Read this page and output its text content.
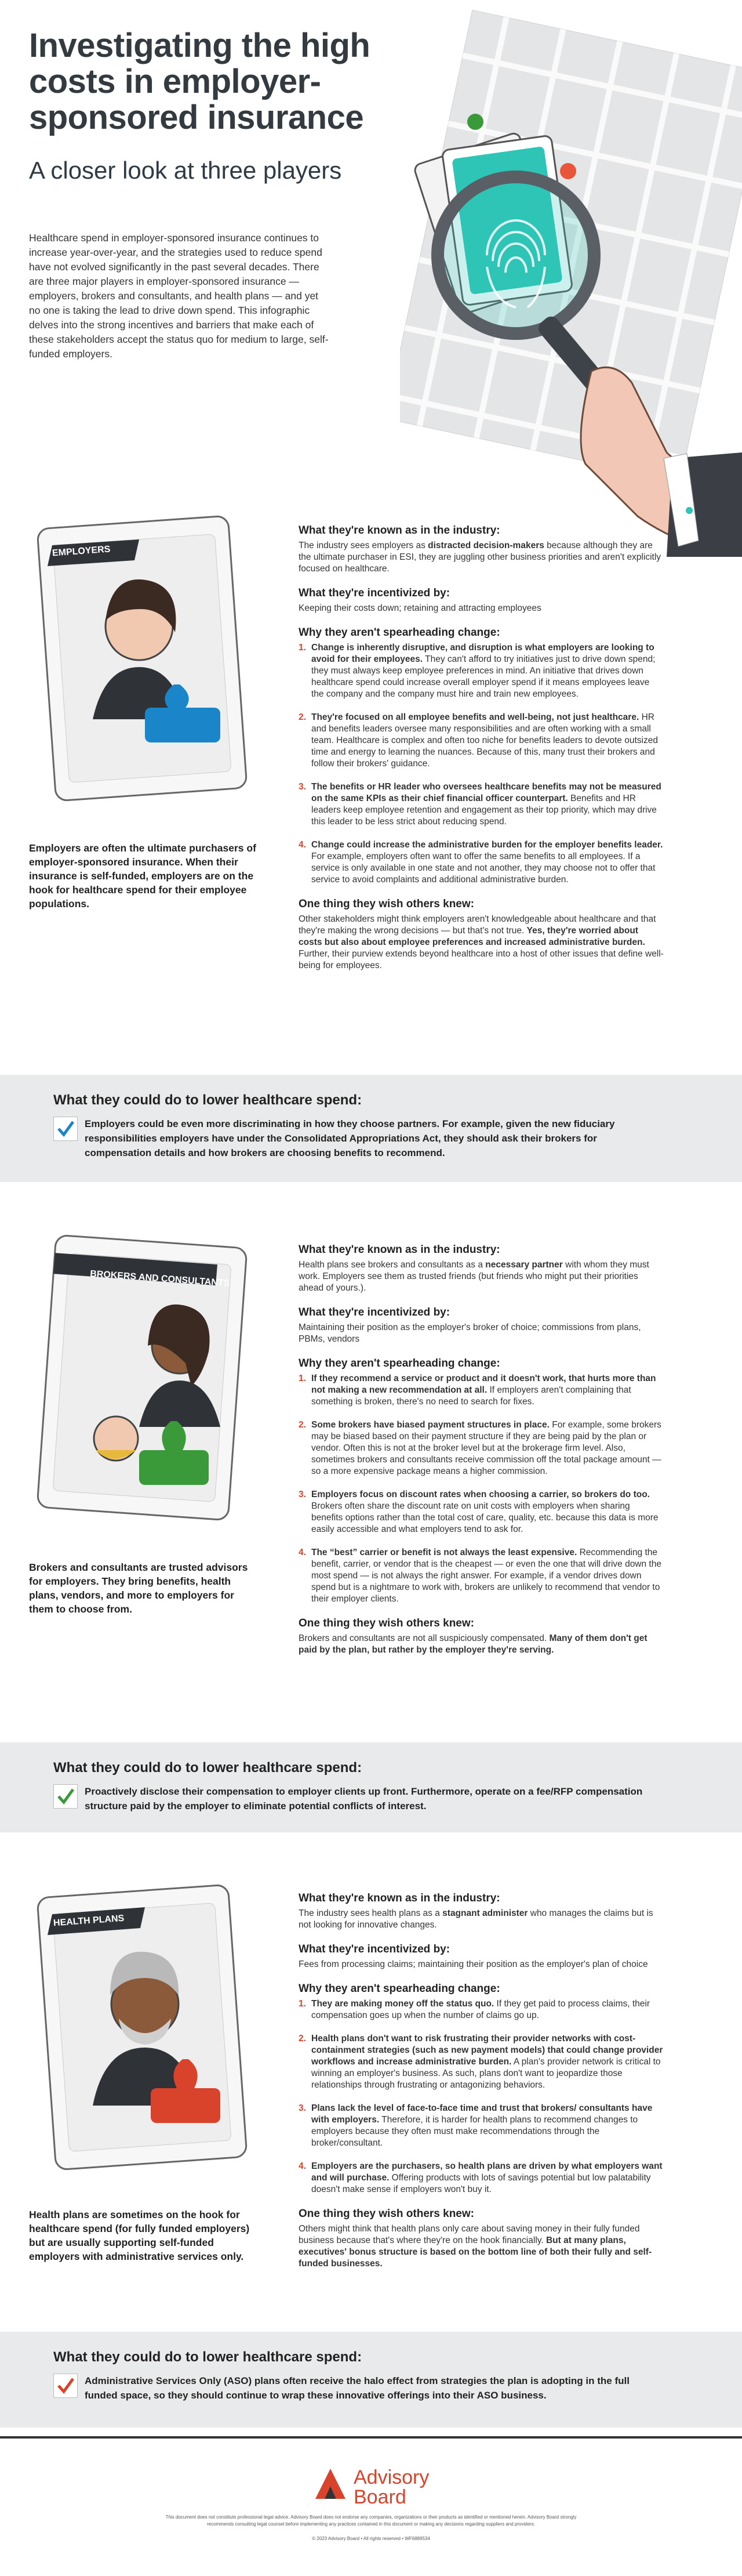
Investigating the high costs in employer-sponsored insurance
A closer look at three players

Healthcare spend in employer-sponsored insurance continues to increase year-over-year, and the strategies used to reduce spend have not evolved significantly in the past several decades. There are three major players in employer-sponsored insurance — employers, brokers and consultants, and health plans — and yet no one is taking the lead to drive down spend. This infographic delves into the strong incentives and barriers that make each of these stakeholders accept the status quo for medium to large, self-funded employers.

EMPLOYERS
Employers are often the ultimate purchasers of employer-sponsored insurance. When their insurance is self-funded, employers are on the hook for healthcare spend for their employee populations.
What they're known as in the industry:

The industry sees employers as distracted decision-makers because although they are the ultimate purchaser in ESI, they are juggling other business priorities and aren't explicitly focused on healthcare.

What they're incentivized by:

Keeping their costs down; retaining and attracting employees

Why they aren't spearheading change:
1. Change is inherently disruptive, and disruption is what employers are looking to avoid for their employees. They can't afford to try initiatives just to drive down spend; they must always keep employee preferences in mind. An initiative that drives down healthcare spend could increase overall employer spend if it means employees leave the company and the company must hire and train new employees.
2. They're focused on all employee benefits and well-being, not just healthcare. HR and benefits leaders oversee many responsibilities and are often working with a small team. Healthcare is complex and often too niche for benefits leaders to devote outsized time and energy to learning the nuances. Because of this, many trust their brokers and follow their brokers' guidance.
3. The benefits or HR leader who oversees healthcare benefits may not be measured on the same KPIs as their chief financial officer counterpart. Benefits and HR leaders keep employee retention and engagement as their top priority, which may drive this leader to be less strict about reducing spend.
4. Change could increase the administrative burden for the employer benefits leader. For example, employers often want to offer the same benefits to all employees. If a service is only available in one state and not another, they may choose not to offer that service to avoid complaints and additional administrative burden.
One thing they wish others knew:

Other stakeholders might think employers aren't knowledgeable about healthcare and that they're making the wrong decisions — but that's not true. Yes, they're worried about costs but also about employee preferences and increased administrative burden. Further, their purview extends beyond healthcare into a host of other issues that define well-being for employees.

What they could do to lower healthcare spend:
Employers could be even more discriminating in how they choose partners. For example, given the new fiduciary responsibilities employers have under the Consolidated Appropriations Act, they should ask their brokers for compensation details and how brokers are choosing benefits to recommend.
BROKERS AND CONSULTANTS
Brokers and consultants are trusted advisors for employers. They bring benefits, health plans, vendors, and more to employers for them to choose from.
What they're known as in the industry:

Health plans see brokers and consultants as a necessary partner with whom they must work. Employers see them as trusted friends (but friends who might put their priorities ahead of yours.).

What they're incentivized by:

Maintaining their position as the employer's broker of choice; commissions from plans, PBMs, vendors

Why they aren't spearheading change:
1. If they recommend a service or product and it doesn't work, that hurts more than not making a new recommendation at all. If employers aren't complaining that something is broken, there's no need to search for fixes.
2. Some brokers have biased payment structures in place. For example, some brokers may be biased based on their payment structure if they are being paid by the plan or vendor. Often this is not at the broker level but at the brokerage firm level. Also, sometimes brokers and consultants receive commission off the total package amount — so a more expensive package means a higher commission.
3. Employers focus on discount rates when choosing a carrier, so brokers do too. Brokers often share the discount rate on unit costs with employers when sharing benefits options rather than the total cost of care, quality, etc. because this data is more easily accessible and what employers tend to ask for.
4. The “best” carrier or benefit is not always the least expensive. Recommending the benefit, carrier, or vendor that is the cheapest — or even the one that will drive down the most spend — is not always the right answer. For example, if a vendor drives down spend but is a nightmare to work with, brokers are unlikely to recommend that vendor to their employer clients.
One thing they wish others knew:

Brokers and consultants are not all suspiciously compensated. Many of them don't get paid by the plan, but rather by the employer they're serving.

What they could do to lower healthcare spend:
Proactively disclose their compensation to employer clients up front. Furthermore, operate on a fee/RFP compensation structure paid by the employer to eliminate potential conflicts of interest.
HEALTH PLANS
Health plans are sometimes on the hook for healthcare spend (for fully funded employers) but are usually supporting self-funded employers with administrative services only.
What they're known as in the industry:

The industry sees health plans as a stagnant administer who manages the claims but is not looking for innovative changes.

What they're incentivized by:

Fees from processing claims; maintaining their position as the employer's plan of choice

Why they aren't spearheading change:
1. They are making money off the status quo. If they get paid to process claims, their compensation goes up when the number of claims go up.
2. Health plans don't want to risk frustrating their provider networks with cost-containment strategies (such as new payment models) that could change provider workflows and increase administrative burden. A plan's provider network is critical to winning an employer's business. As such, plans don't want to jeopardize those relationships through frustrating or antagonizing behaviors.
3. Plans lack the level of face-to-face time and trust that brokers/ consultants have with employers. Therefore, it is harder for health plans to recommend changes to employers because they often must make recommendations through the broker/consultant.
4. Employers are the purchasers, so health plans are driven by what employers want and will purchase. Offering products with lots of savings potential but low palatability doesn't make sense if employers won't buy it.
One thing they wish others knew:

Others might think that health plans only care about saving money in their fully funded business because that's where they're on the hook financially. But at many plans, executives' bonus structure is based on the bottom line of both their fully and self-funded businesses.

What they could do to lower healthcare spend:
Administrative Services Only (ASO) plans often receive the halo effect from strategies the plan is adopting in the full funded space, so they should continue to wrap these innovative offerings into their ASO business.
Advisory
Board
This document does not constitute professional legal advice. Advisory Board does not endorse any companies, organizations or their products as identified or mentioned herein. Advisory Board strongly recommends consulting legal counsel before implementing any practices contained in this document or making any decisions regarding suppliers and providers.
© 2023 Advisory Board • All rights reserved • WF6889534
